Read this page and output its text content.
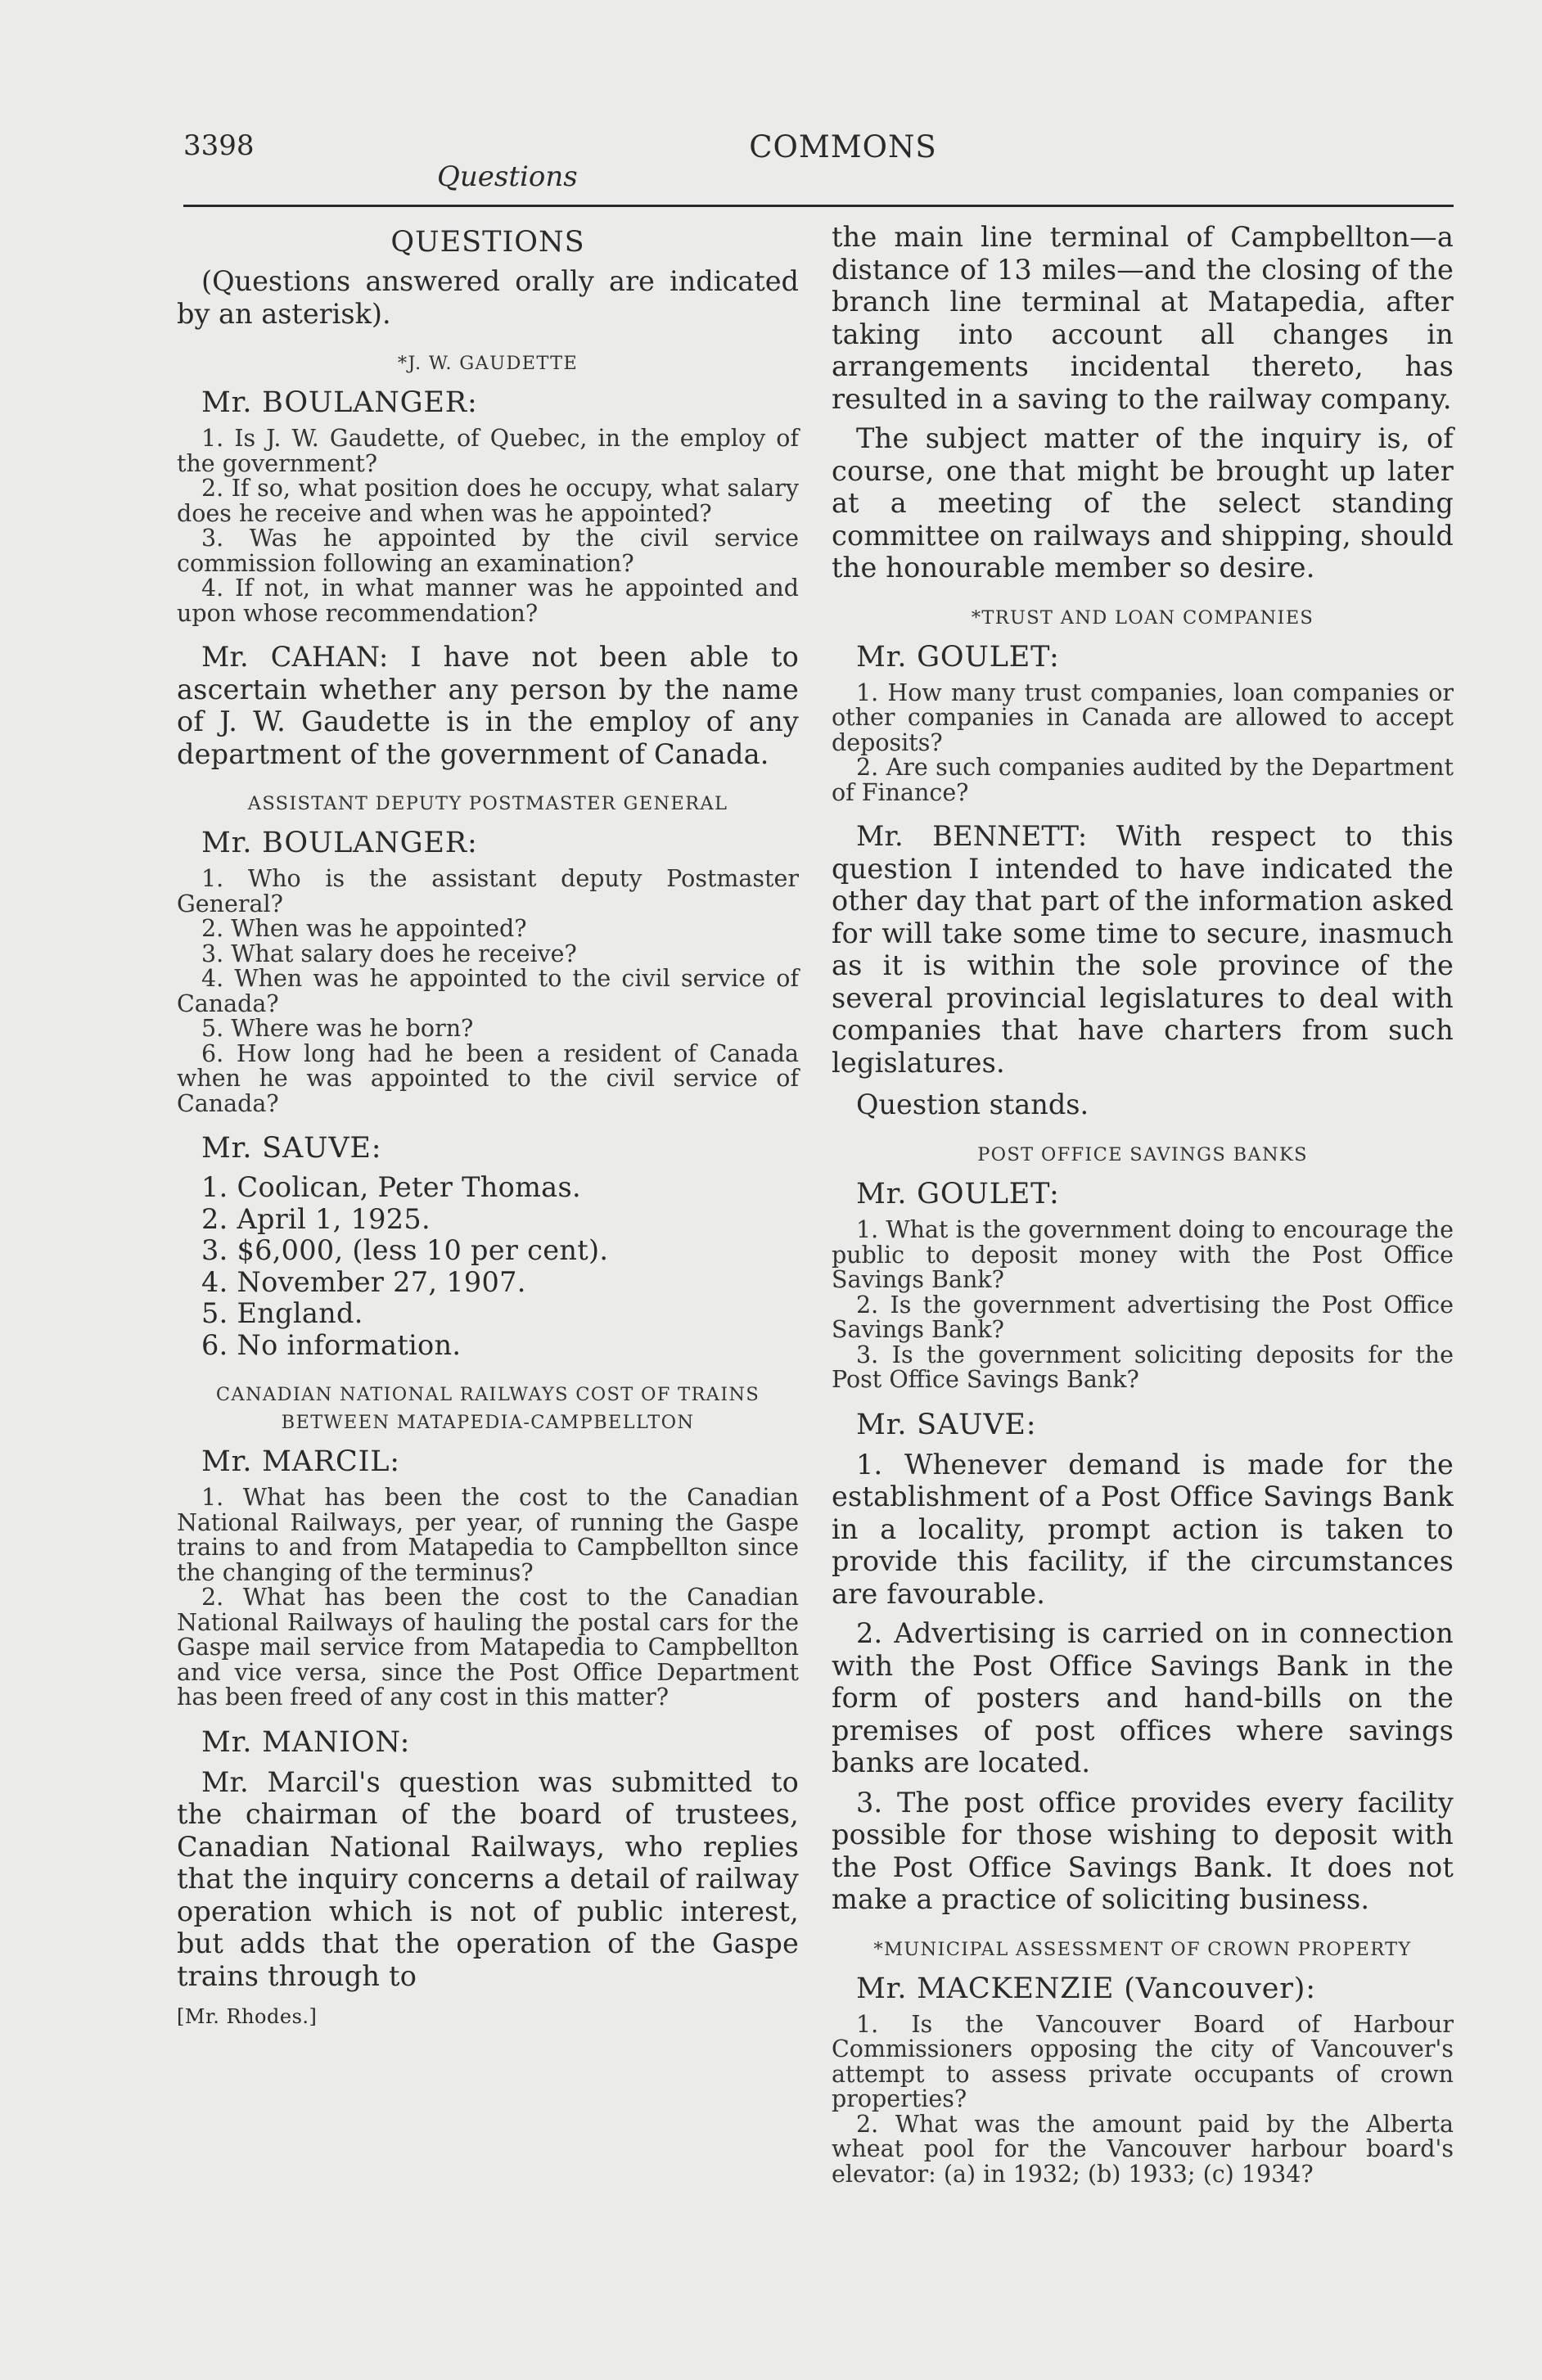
3398	COMMONS
Questions
QUESTIONS
(Questions answered orally are indicated by an asterisk).
*J. W. GAUDETTE
Mr. BOULANGER:

1. Is J. W. Gaudette, of Quebec, in the employ of the government?

2. If so, what position does he occupy, what salary does he receive and when was he appointed?

3. Was he appointed by the civil service commission following an examination?

4. If not, in what manner was he appointed and upon whose recommendation?

Mr. CAHAN: I have not been able to ascertain whether any person by the name of J. W. Gaudette is in the employ of any department of the government of Canada.

ASSISTANT DEPUTY POSTMASTER GENERAL
Mr. BOULANGER:

1. Who is the assistant deputy Postmaster General?

2. When was he appointed?

3. What salary does he receive?

4. When was he appointed to the civil service of Canada?

5. Where was he born?

6. How long had he been a resident of Canada when he was appointed to the civil service of Canada?

Mr. SAUVE:
1. Coolican, Peter Thomas.
2. April 1, 1925.
3. $6,000, (less 10 per cent).
4. November 27, 1907.
5. England.
6. No information.
CANADIAN NATIONAL RAILWAYS COST OF TRAINS
BETWEEN MATAPEDIA-CAMPBELLTON
Mr. MARCIL:

1. What has been the cost to the Canadian National Railways, per year, of running the Gaspe trains to and from Matapedia to Campbellton since the changing of the terminus?

2. What has been the cost to the Canadian National Railways of hauling the postal cars for the Gaspe mail service from Matapedia to Campbellton and vice versa, since the Post Office Department has been freed of any cost in this matter?

Mr. MANION:

Mr. Marcil's question was submitted to the chairman of the board of trustees, Canadian National Railways, who replies that the inquiry concerns a detail of railway operation which is not of public interest, but adds that the operation of the Gaspe trains through to

[Mr. Rhodes.]

the main line terminal of Campbellton—a distance of 13 miles—and the closing of the branch line terminal at Matapedia, after taking into account all changes in arrangements incidental thereto, has resulted in a saving to the railway company.

The subject matter of the inquiry is, of course, one that might be brought up later at a meeting of the select standing committee on railways and shipping, should the honourable member so desire.

*TRUST AND LOAN COMPANIES
Mr. GOULET:

1. How many trust companies, loan companies or other companies in Canada are allowed to accept deposits?

2. Are such companies audited by the Department of Finance?

Mr. BENNETT: With respect to this question I intended to have indicated the other day that part of the information asked for will take some time to secure, inasmuch as it is within the sole province of the several provincial legislatures to deal with companies that have charters from such legislatures.

Question stands.

POST OFFICE SAVINGS BANKS
Mr. GOULET:

1. What is the government doing to encourage the public to deposit money with the Post Office Savings Bank?

2. Is the government advertising the Post Office Savings Bank?

3. Is the government soliciting deposits for the Post Office Savings Bank?

Mr. SAUVE:

1. Whenever demand is made for the establishment of a Post Office Savings Bank in a locality, prompt action is taken to provide this facility, if the circumstances are favourable.

2. Advertising is carried on in connection with the Post Office Savings Bank in the form of posters and hand-bills on the premises of post offices where savings banks are located.

3. The post office provides every facility possible for those wishing to deposit with the Post Office Savings Bank. It does not make a practice of soliciting business.

*MUNICIPAL ASSESSMENT OF CROWN PROPERTY
Mr. MACKENZIE (Vancouver):

1. Is the Vancouver Board of Harbour Commissioners opposing the city of Vancouver's attempt to assess private occupants of crown properties?

2. What was the amount paid by the Alberta wheat pool for the Vancouver harbour board's elevator: (a) in 1932; (b) 1933; (c) 1934?
